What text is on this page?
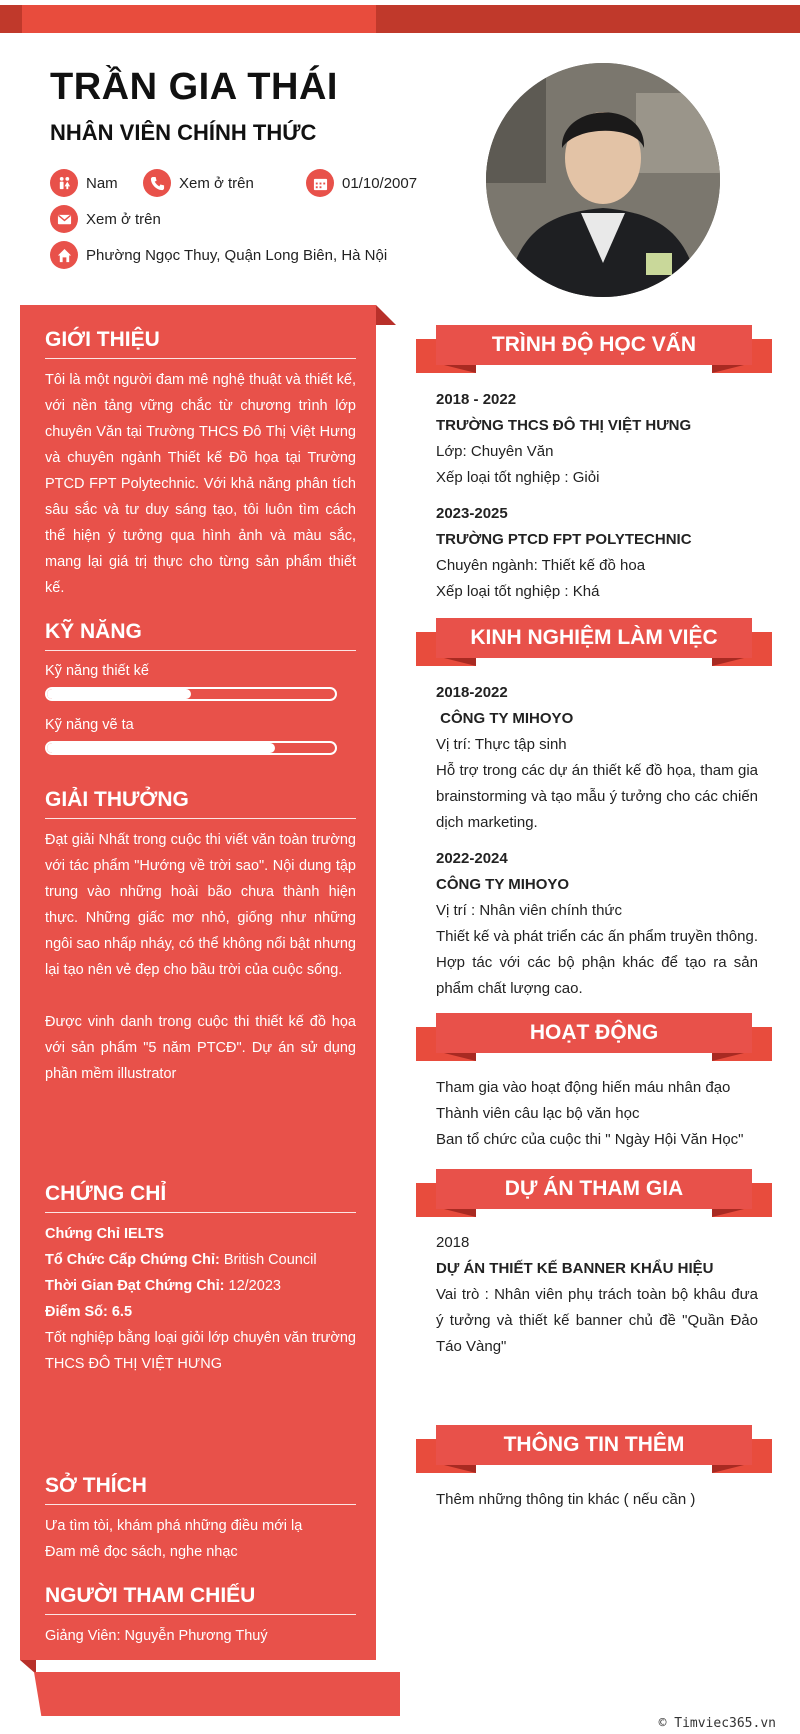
TRẦN GIA THÁI
NHÂN VIÊN CHÍNH THỨC
Nam	Xem ở trên	01/10/2007
Xem ở trên
Phường Ngọc Thuy, Quận Long Biên, Hà Nội
GIỚI THIỆU

Tôi là một người đam mê nghệ thuật và thiết kế, với nền tảng vững chắc từ chương trình lớp chuyên Văn tại Trường THCS Đô Thị Việt Hưng và chuyên ngành Thiết kế Đồ họa tại Trường PTCD FPT Polytechnic. Với khả năng phân tích sâu sắc và tư duy sáng tạo, tôi luôn tìm cách thể hiện ý tưởng qua hình ảnh và màu sắc, mang lại giá trị thực cho từng sản phẩm thiết kế.

KỸ NĂNG
Kỹ năng thiết kế
Kỹ năng vẽ ta
GIẢI THƯỞNG

Đạt giải Nhất trong cuộc thi viết văn toàn trường với tác phẩm "Hướng về trời sao". Nội dung tập trung vào những hoài bão chưa thành hiện thực. Những giấc mơ nhỏ, giống như những ngôi sao nhấp nháy, có thể không nổi bật nhưng lại tạo nên vẻ đẹp cho bầu trời của cuộc sống.

Được vinh danh trong cuộc thi thiết kế đồ họa với sản phẩm "5 năm PTCĐ". Dự án sử dụng phần mềm illustrator

CHỨNG CHỈ

Chứng Chỉ IELTS

Tổ Chức Cấp Chứng Chỉ: British Council

Thời Gian Đạt Chứng Chỉ: 12/2023

Điểm Số: 6.5

Tốt nghiệp bằng loại giỏi lớp chuyên văn trường THCS ĐÔ THỊ VIỆT HƯNG

SỞ THÍCH

Ưa tìm tòi, khám phá những điều mới lạ

Đam mê đọc sách, nghe nhạc

NGƯỜI THAM CHIẾU

Giảng Viên: Nguyễn Phương Thuý

TRÌNH ĐỘ HỌC VẤN
2018 - 2022
TRƯỜNG THCS ĐÔ THỊ VIỆT HƯNG
Lớp: Chuyên Văn
Xếp loại tốt nghiệp : Giỏi
2023-2025
TRƯỜNG PTCD FPT POLYTECHNIC
Chuyên ngành: Thiết kế đồ hoa
Xếp loại tốt nghiệp : Khá
KINH NGHIỆM LÀM VIỆC
2018-2022
CÔNG TY MIHOYO
Vị trí: Thực tập sinh
Hỗ trợ trong các dự án thiết kế đồ họa, tham gia brainstorming và tạo mẫu ý tưởng cho các chiến dịch marketing.
2022-2024
CÔNG TY MIHOYO
Vị trí : Nhân viên chính thức
Thiết kế và phát triển các ấn phẩm truyền thông. Hợp tác với các bộ phận khác để tạo ra sản phẩm chất lượng cao.
HOẠT ĐỘNG
Tham gia vào hoạt động hiến máu nhân đạo
Thành viên câu lạc bộ văn học
Ban tổ chức của cuộc thi " Ngày Hội Văn Học"
DỰ ÁN THAM GIA
2018
DỰ ÁN THIẾT KẾ BANNER KHẨU HIỆU
Vai trò : Nhân viên phụ trách toàn bộ khâu đưa ý tưởng và thiết kế banner chủ đề "Quần Đảo Táo Vàng"
THÔNG TIN THÊM
Thêm những thông tin khác ( nếu cần )
© Timviec365.vn
